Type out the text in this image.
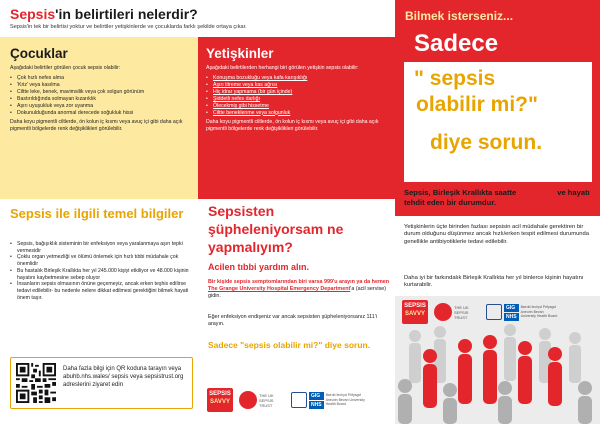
Sepsis'in belirtileri nelerdir?
Sepsis'in tek bir belirtisi yoktur ve belirtiler yetişkinlerde ve çocuklarda farklı şekilde ortaya çıkar.
Çocuklar
Aşağıdaki belirtiler görülen çocuk sepsis olabilir:
• Çok hızlı nefes alma
• 'Kriz' veya kasılma
• Ciltte leke, benek, mavimsilik veya çok solgun görünüm
• Bastırıldığında solmayan kızarıklık
• Aşırı uyuşukluk veya zor uyanma
• Dokunulduğunda anormal derecede soğukluk hissi
Daha koyu pigmentli ciltlerde, ön kolun iç kısmı veya avuç içi gibi daha açık pigmentli bölgelerde renk değişiklikleri görülebilir.
Yetişkinler
Aşağıdaki belirtilerden herhangi biri görülen yetişkin sepsis olabilir:
• Konuşma bozukluğu veya kafa karışıklığı
• Aşırı titreme veya kas ağrısı
• Hiç idrar yapmama (bir gün içinde)
• Şiddetli nefes darlığı
• Ölecekmiş gibi hissetme
• Ciltte beneklenme veya solgunluk
Daha koyu pigmentli ciltlerde, ön kolun iç kısmı veya avuç içi gibi daha açık pigmentli bölgelerde renk değişiklikleri görülebilir.
Sepsis ile ilgili temel bilgiler
• Sepsis, bağışıklık sisteminin bir enfeksiyon veya yaralanmaya aşırı tepki vermesidir
• Çoklu organ yetmezliği ve ölümü önlemek için hızlı tıbbi müdahale çok önemlidir
• Bu hastalık Birleşik Krallıkta her yıl 245.000 kişiyi etkiliyor ve 48.000 kişinin hayatını kaybetmesine sebep oluyor
• İnsanların sepsis olmasının önüne geçemeyiz, ancak erken teşhis edilirse tedavi edilebilir- bu nedenle nelere dikkat edilmesi gerektiğini bilmek hayati önem taşır.
Daha fazla bilgi için QR koduna tarayın veya abuhb.nhs.wales/ sepsis veya sepsistrust.org adreslerini ziyaret edin
Sepsisten şüpheleniyorsam ne yapmalıyım?
Acilen tıbbi yardım alın.
Bir kişide sepsis semptomlarından biri varsa 999'u arayın ya da hemen The Grange University Hospital Emergency Department'a (acil servise) gidin.
Eğer enfeksiyon endişeniz var ancak sepsisten şüpheleniyorsanız 111'i arayın.
Sadece "sepsis olabilir mi?" diye sorun.
SEPSIS
SAVVY
THE UK SEPSIS TRUST
GIG
NHS
Bwrdd Iechyd Prifysgol Aneurin Bevan University Health Board
Bilmek isterseniz...
Sadece
" sepsis
olabilir mi?"
diye sorun.
Sepsis, Birleşik Krallıkta saatte 5 can alan ve hayatı tehdit eden bir durumdur.
Yetişkinlerin üçte birinden fazlası sepsisin acil müdahale gerektiren bir durum olduğunu düşünmez ancak hızlı/erken tespit edilmesi durumunda genellikle antibiyotiklerle tedavi edilebilir.
Daha iyi bir farkındalık Birleşik Krallıkta her yıl binlerce kişinin hayatını kurtarabilir.
SEPSIS
SAVVY
THE UK SEPSIS TRUST
GIG
NHS
Bwrdd Iechyd Prifysgol Aneurin Bevan University Health Board
